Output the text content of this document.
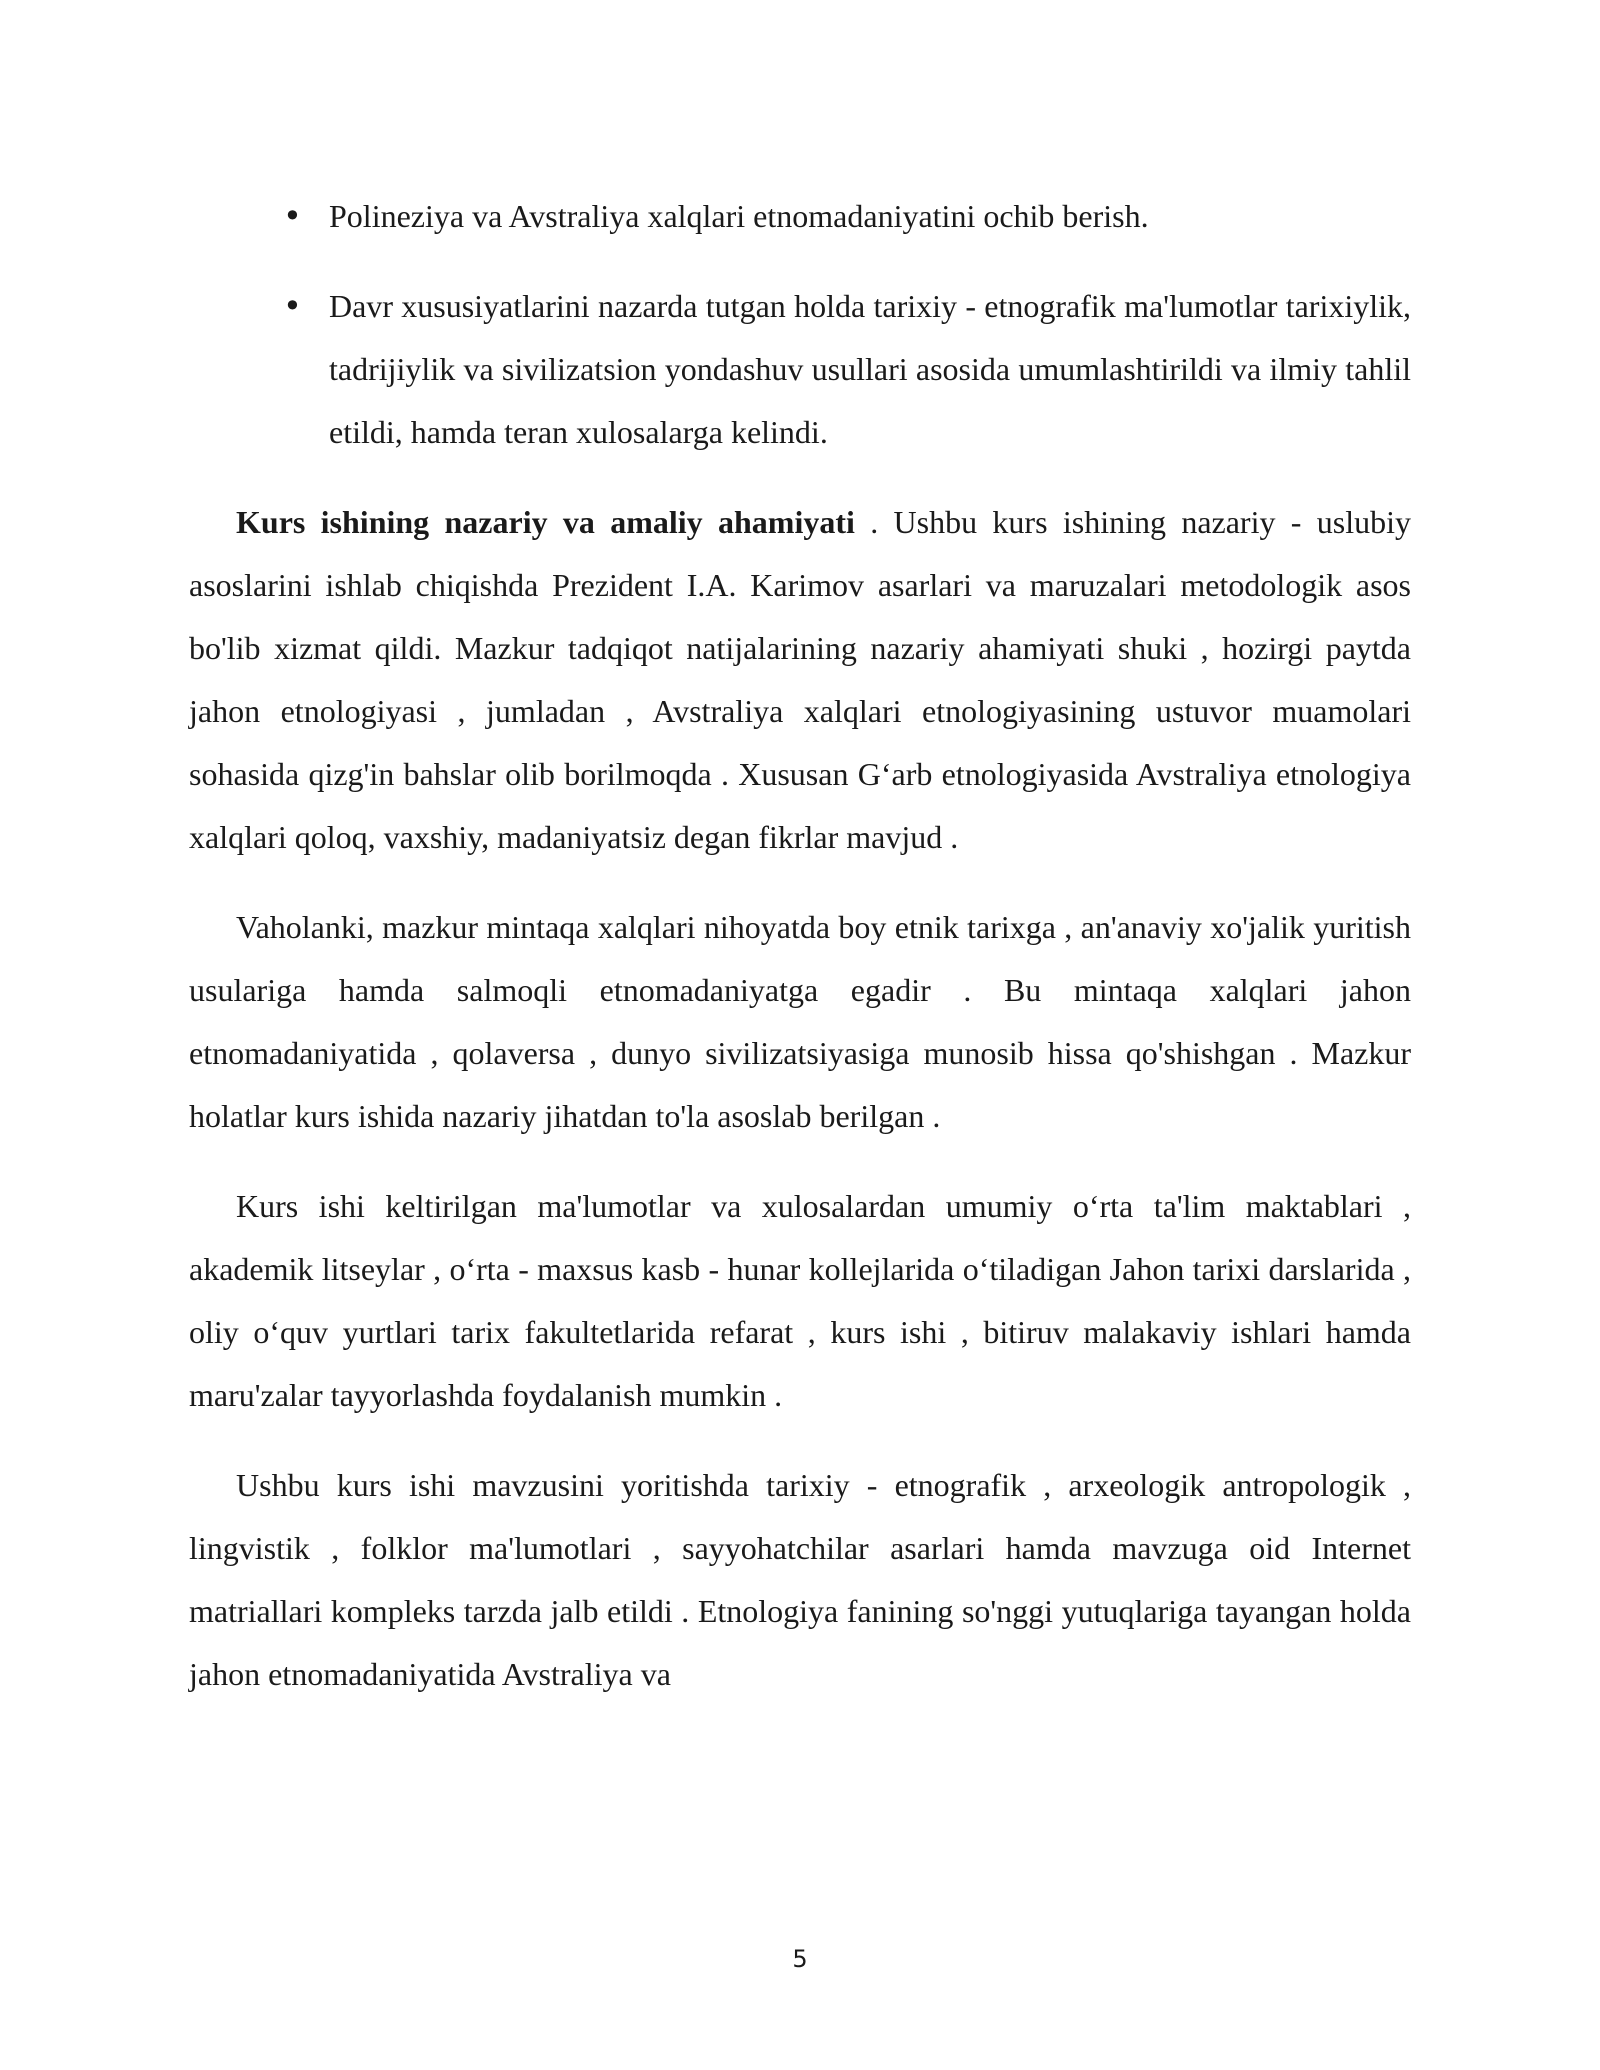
• Polineziya va Avstraliya xalqlari etnomadaniyatini ochib berish.
• Davr xususiyatlarini nazarda tutgan holda tarixiy - etnografik ma'lumotlar tarixiylik, tadrijiylik va sivilizatsion yondashuv usullari asosida umumlashtirildi va ilmiy tahlil etildi, hamda teran xulosalarga kelindi.

Kurs ishining nazariy va amaliy ahamiyati . Ushbu kurs ishining nazariy - uslubiy asoslarini ishlab chiqishda Prezident I.A. Karimov asarlari va maruzalari metodologik asos bo'lib xizmat qildi. Mazkur tadqiqot natijalarining nazariy ahamiyati shuki , hozirgi paytda jahon etnologiyasi , jumladan , Avstraliya xalqlari etnologiyasining ustuvor muamolari sohasida qizg'in bahslar olib borilmoqda . Xususan G‘arb etnologiyasida Avstraliya etnologiya xalqlari qoloq, vaxshiy, madaniyatsiz degan fikrlar mavjud .

Vaholanki, mazkur mintaqa xalqlari nihoyatda boy etnik tarixga , an'anaviy xo'jalik yuritish usulariga hamda salmoqli etnomadaniyatga egadir . Bu mintaqa xalqlari jahon etnomadaniyatida , qolaversa , dunyo sivilizatsiyasiga munosib hissa qo'shishgan . Mazkur holatlar kurs ishida nazariy jihatdan to'la asoslab berilgan .

Kurs ishi keltirilgan ma'lumotlar va xulosalardan umumiy o‘rta ta'lim maktablari , akademik litseylar , o‘rta - maxsus kasb - hunar kollejlarida o‘tiladigan Jahon tarixi darslarida , oliy o‘quv yurtlari tarix fakultetlarida refarat , kurs ishi , bitiruv malakaviy ishlari hamda maru'zalar tayyorlashda foydalanish mumkin .

Ushbu kurs ishi mavzusini yoritishda tarixiy - etnografik , arxeologik antropologik , lingvistik , folklor ma'lumotlari , sayyohatchilar asarlari hamda mavzuga oid Internet matriallari kompleks tarzda jalb etildi . Etnologiya fanining so'nggi yutuqlariga tayangan holda jahon etnomadaniyatida Avstraliya va

5
